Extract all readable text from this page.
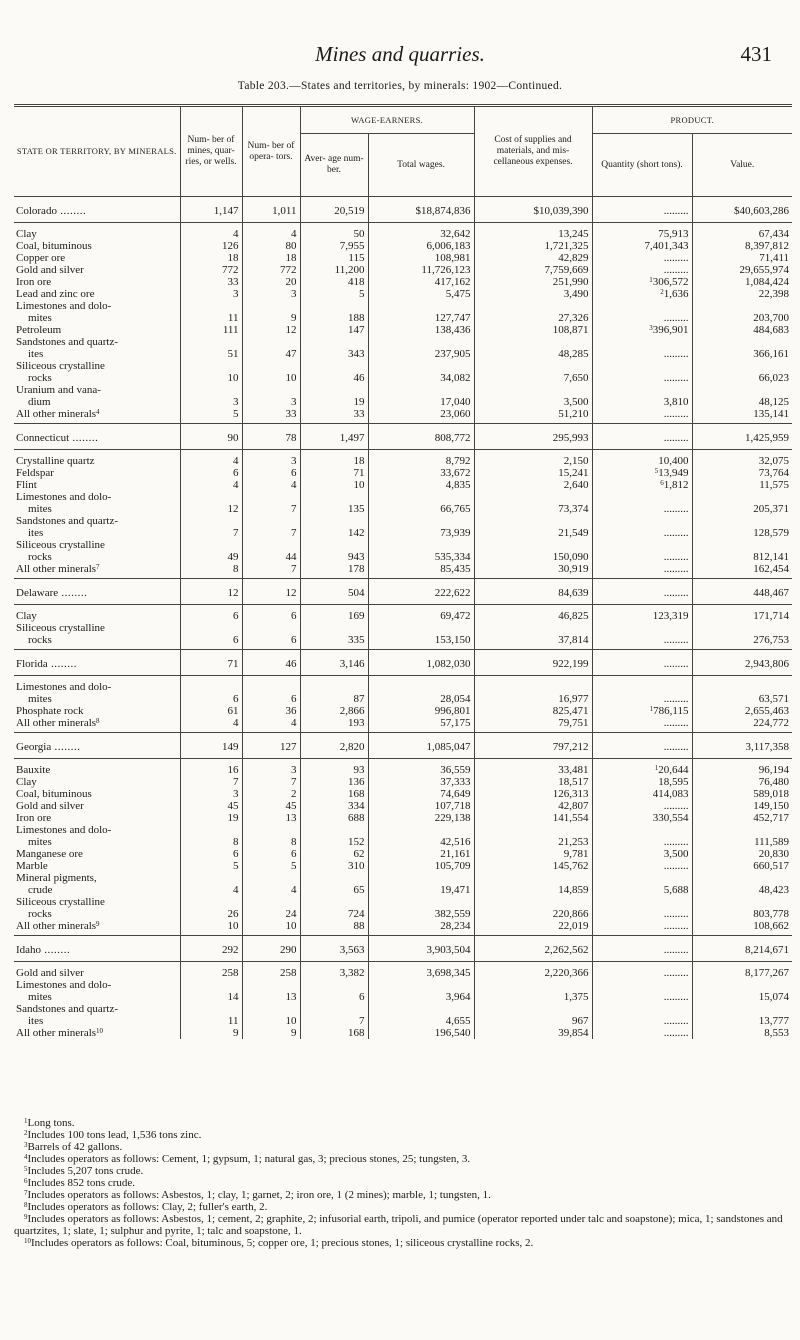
Mines and quarries.	431
Table 203.—States and territories, by minerals: 1902—Continued.
STATE OR TERRITORY, BY MINERALS.	Num- ber of mines, quar- ries, or wells.	Num- ber of opera- tors.	WAGE-EARNERS.		Cost of supplies and materials, and mis- cellaneous expenses.	PRODUCT.	
			Aver- age num- ber.	Total wages.		Quantity (short tons).	Value.
Colorado ........	1,147	1,011	20,519	$18,874,836	$10,039,390	.........	$40,603,286
Clay	4	4	50	32,642	13,245	75,913	67,434
Coal, bituminous	126	80	7,955	6,006,183	1,721,325	7,401,343	8,397,812
Copper ore	18	18	115	108,981	42,829	.........	71,411
Gold and silver	772	772	11,200	11,726,123	7,759,669	.........	29,655,974
Iron ore	33	20	418	417,162	251,990	$^1$306,572	1,084,424
Lead and zinc ore	3	3	5	5,475	3,490	$^2$1,636	22,398
Limestones and dolo-							
mites	11	9	188	127,747	27,326	.........	203,700
Petroleum	111	12	147	138,436	108,871	$^3$396,901	484,683
Sandstones and quartz-							
ites	51	47	343	237,905	48,285	.........	366,161
Siliceous crystalline							
rocks	10	10	46	34,082	7,650	.........	66,023
Uranium and vana-							
dium	3	3	19	17,040	3,500	3,810	48,125
All other minerals$^4$	5	33	33	23,060	51,210	.........	135,141
Connecticut ........	90	78	1,497	808,772	295,993	.........	1,425,959
Crystalline quartz	4	3	18	8,792	2,150	10,400	32,075
Feldspar	6	6	71	33,672	15,241	$^5$13,949	73,764
Flint	4	4	10	4,835	2,640	$^6$1,812	11,575
Limestones and dolo-							
mites	12	7	135	66,765	73,374	.........	205,371
Sandstones and quartz-							
ites	7	7	142	73,939	21,549	.........	128,579
Siliceous crystalline							
rocks	49	44	943	535,334	150,090	.........	812,141
All other minerals$^7$	8	7	178	85,435	30,919	.........	162,454
Delaware ........	12	12	504	222,622	84,639	.........	448,467
Clay	6	6	169	69,472	46,825	123,319	171,714
Siliceous crystalline							
rocks	6	6	335	153,150	37,814	.........	276,753
Florida ........	71	46	3,146	1,082,030	922,199	.........	2,943,806
Limestones and dolo-							
mites	6	6	87	28,054	16,977	.........	63,571
Phosphate rock	61	36	2,866	996,801	825,471	$^1$786,115	2,655,463
All other minerals$^8$	4	4	193	57,175	79,751	.........	224,772
Georgia ........	149	127	2,820	1,085,047	797,212	.........	3,117,358
Bauxite	16	3	93	36,559	33,481	$^1$20,644	96,194
Clay	7	7	136	37,333	18,517	18,595	76,480
Coal, bituminous	3	2	168	74,649	126,313	414,083	589,018
Gold and silver	45	45	334	107,718	42,807	.........	149,150
Iron ore	19	13	688	229,138	141,554	330,554	452,717
Limestones and dolo-							
mites	8	8	152	42,516	21,253	.........	111,589
Manganese ore	6	6	62	21,161	9,781	3,500	20,830
Marble	5	5	310	105,709	145,762	.........	660,517
Mineral pigments,							
crude	4	4	65	19,471	14,859	5,688	48,423
Siliceous crystalline							
rocks	26	24	724	382,559	220,866	.........	803,778
All other minerals$^9$	10	10	88	28,234	22,019	.........	108,662
Idaho ........	292	290	3,563	3,903,504	2,262,562	.........	8,214,671
Gold and silver	258	258	3,382	3,698,345	2,220,366	.........	8,177,267
Limestones and dolo-							
mites	14	13	6	3,964	1,375	.........	15,074
Sandstones and quartz-							
ites	11	10	7	4,655	967	.........	13,777
All other minerals$^{10}$	9	9	168	196,540	39,854	.........	8,553

$^1$Long tons.

$^2$Includes 100 tons lead, 1,536 tons zinc.

$^3$Barrels of 42 gallons.

$^4$Includes operators as follows: Cement, 1; gypsum, 1; natural gas, 3; precious stones, 25; tungsten, 3.

$^5$Includes 5,207 tons crude.

$^6$Includes 852 tons crude.

$^7$Includes operators as follows: Asbestos, 1; clay, 1; garnet, 2; iron ore, 1 (2 mines); marble, 1; tungsten, 1.

$^8$Includes operators as follows: Clay, 2; fuller's earth, 2.

$^9$Includes operators as follows: Asbestos, 1; cement, 2; graphite, 2; infusorial earth, tripoli, and pumice (operator reported under talc and soapstone); mica, 1; sandstones and quartzites, 1; slate, 1; sulphur and pyrite, 1; talc and soapstone, 1.

$^{10}$Includes operators as follows: Coal, bituminous, 5; copper ore, 1; precious stones, 1; siliceous crystalline rocks, 2.
